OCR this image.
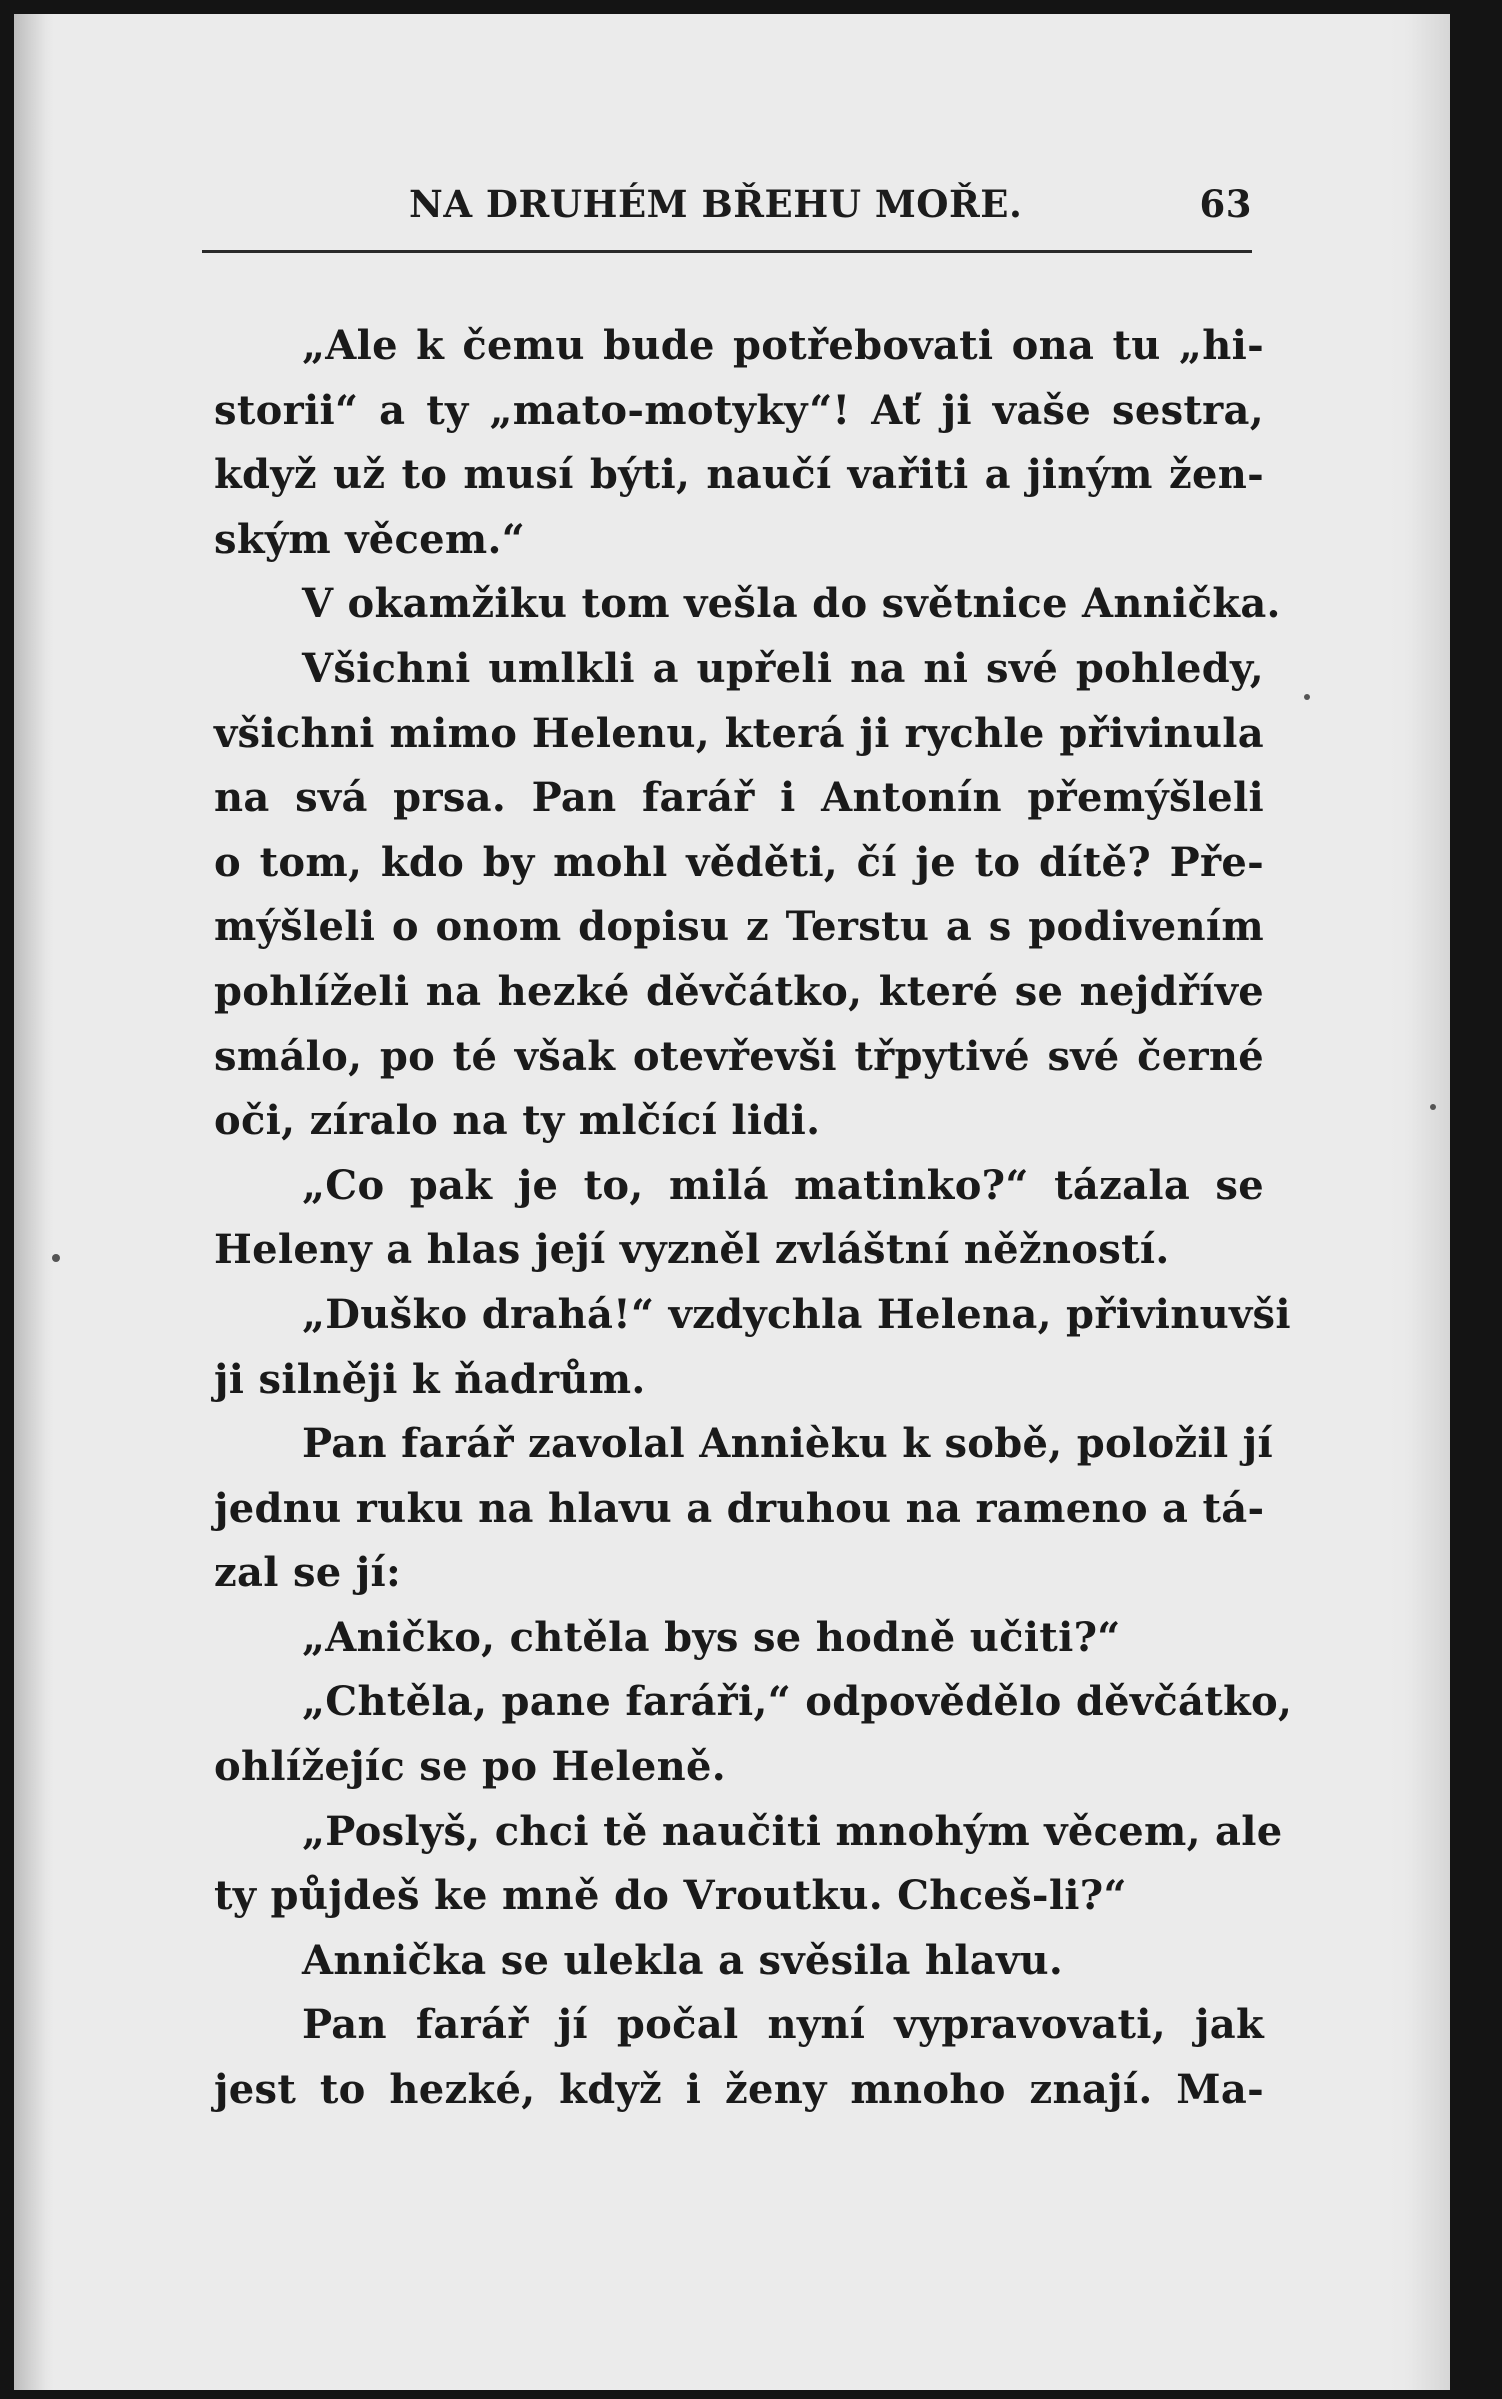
NA DRUHÉM BŘEHU MOŘE.	63
„Ale k čemu bude potřebovati ona tu „hi-
storii“ a ty „mato-motyky“! Ať ji vaše sestra,
když už to musí býti, naučí vařiti a jiným žen-
ským věcem.“
V okamžiku tom vešla do světnice Annička.
Všichni umlkli a upřeli na ni své pohledy,
všichni mimo Helenu, která ji rychle přivinula
na svá prsa. Pan farář i Antonín přemýšleli
o tom, kdo by mohl věděti, čí je to dítě? Pře-
mýšleli o onom dopisu z Terstu a s podivením
pohlíželi na hezké děvčátko, které se nejdříve
smálo, po té však otevřevši třpytivé své černé
oči, zíralo na ty mlčící lidi.
„Co pak je to, milá matinko?“ tázala se
Heleny a hlas její vyzněl zvláštní něžností.
„Duško drahá!“ vzdychla Helena, přivinuvši
ji silněji k ňadrům.
Pan farář zavolal Annièku k sobě, položil jí
jednu ruku na hlavu a druhou na rameno a tá-
zal se jí:
„Aničko, chtěla bys se hodně učiti?“
„Chtěla, pane faráři,“ odpovědělo děvčátko,
ohlížejíc se po Heleně.
„Poslyš, chci tě naučiti mnohým věcem, ale
ty půjdeš ke mně do Vroutku. Chceš-li?“
Annička se ulekla a svěsila hlavu.
Pan farář jí počal nyní vypravovati, jak
jest to hezké, když i ženy mnoho znají. Ma-
